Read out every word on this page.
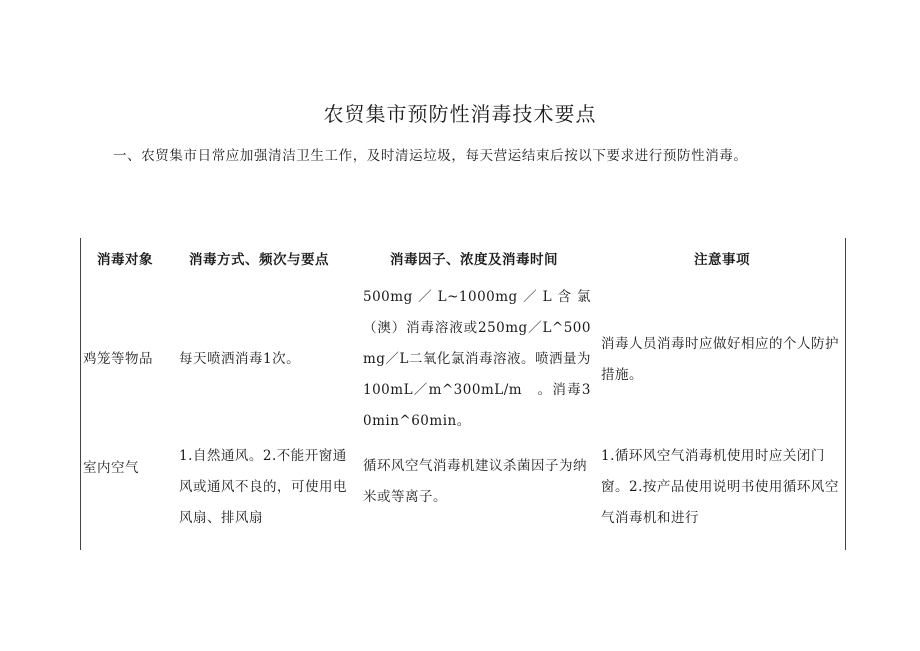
农贸集市预防性消毒技术要点

一、农贸集市日常应加强清洁卫生工作，及时清运垃圾，每天营运结束后按以下要求进行预防性消毒。

消毒对象	消毒方式、频次与要点	消毒因子、浓度及消毒时间	注意事项
鸡笼等物品	每天喷洒消毒1次。	500mg／L~1000mg／L含氯（澳）消毒溶液或250mg／L^500mg／L二氧化氯消毒溶液。喷洒量为100mL／m^300mL/m　。消毒30min^60min。	消毒人员消毒时应做好相应的个人防护措施。
室内空气	1.自然通风。2.不能开窗通风或通风不良的，可使用电风扇、排风扇	循环风空气消毒机建议杀菌因子为纳米或等离子。	1.循环风空气消毒机使用时应关闭门窗。2.按产品使用说明书使用循环风空气消毒机和进行
